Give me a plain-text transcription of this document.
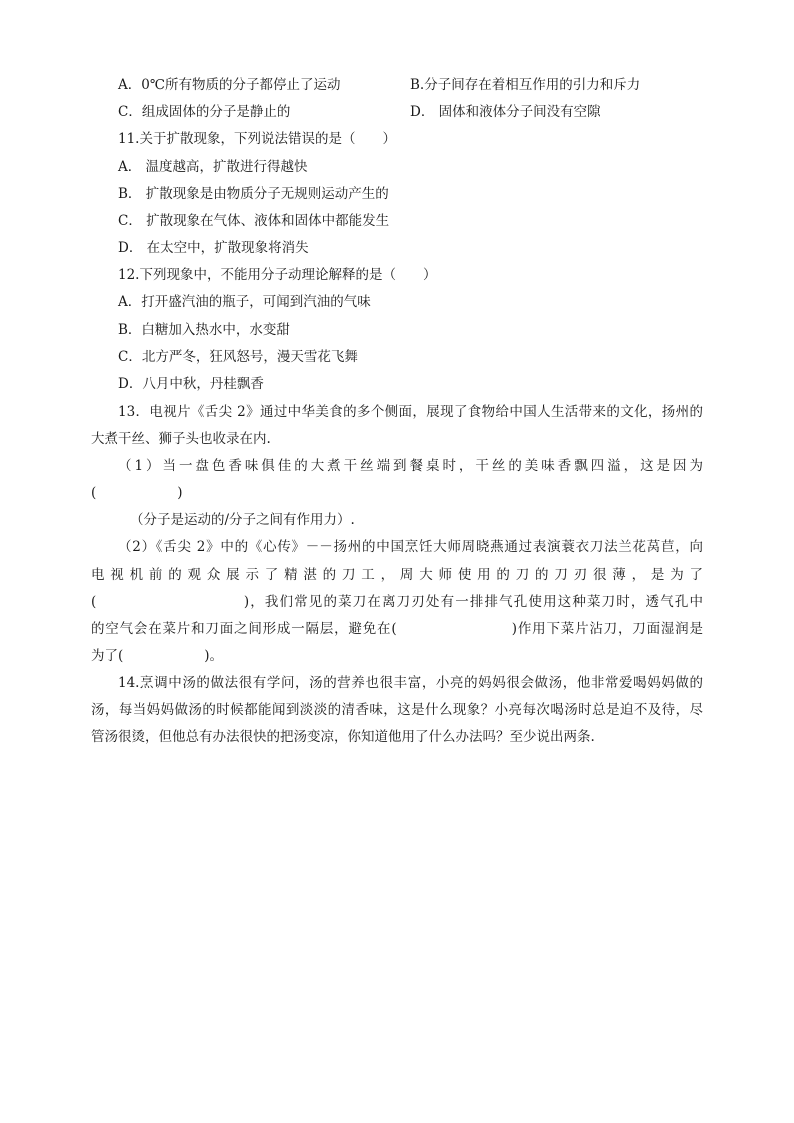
A．0℃所有物质的分子都停止了运动	B.分子间存在着相互作用的引力和斥力
C．组成固体的分子是静止的	D． 固体和液体分子间没有空隙
11.关于扩散现象，下列说法错误的是（　　）
A． 温度越高，扩散进行得越快
B． 扩散现象是由物质分子无规则运动产生的
C． 扩散现象在气体、液体和固体中都能发生
D． 在太空中，扩散现象将消失
12.下列现象中，不能用分子动理论解释的是（　　）
A．打开盛汽油的瓶子，可闻到汽油的气味
B．白糖加入热水中，水变甜
C．北方严冬，狂风怒号，漫天雪花飞舞
D．八月中秋，丹桂飘香
13．电视片《舌尖 2》通过中华美食的多个侧面，展现了食物给中国人生活带来的文化，扬州的
大煮干丝、狮子头也收录在内.
（1）当一盘色香味俱佳的大煮干丝端到餐桌时，干丝的美味香飘四溢，这是因为
(　　　　　　)
（分子是运动的/分子之间有作用力）.
（2）《舌尖 2》中的《心传》－－扬州的中国烹饪大师周晓燕通过表演蓑衣刀法兰花莴苣，向
电视机前的观众展示了精湛的刀工，周大师使用的刀的刀刃很薄，是为了
(　　　　　　　　　　)，我们常见的菜刀在离刀刃处有一排排气孔使用这种菜刀时，透气孔中
的空气会在菜片和刀面之间形成一隔层，避免在(　　　　　　　　)作用下菜片沾刀，刀面湿润是
为了(　　　　　　)。
14.烹调中汤的做法很有学问，汤的营养也很丰富，小亮的妈妈很会做汤，他非常爱喝妈妈做的
汤，每当妈妈做汤的时候都能闻到淡淡的清香味，这是什么现象？小亮每次喝汤时总是迫不及待，尽
管汤很烫，但他总有办法很快的把汤变凉，你知道他用了什么办法吗？至少说出两条.
